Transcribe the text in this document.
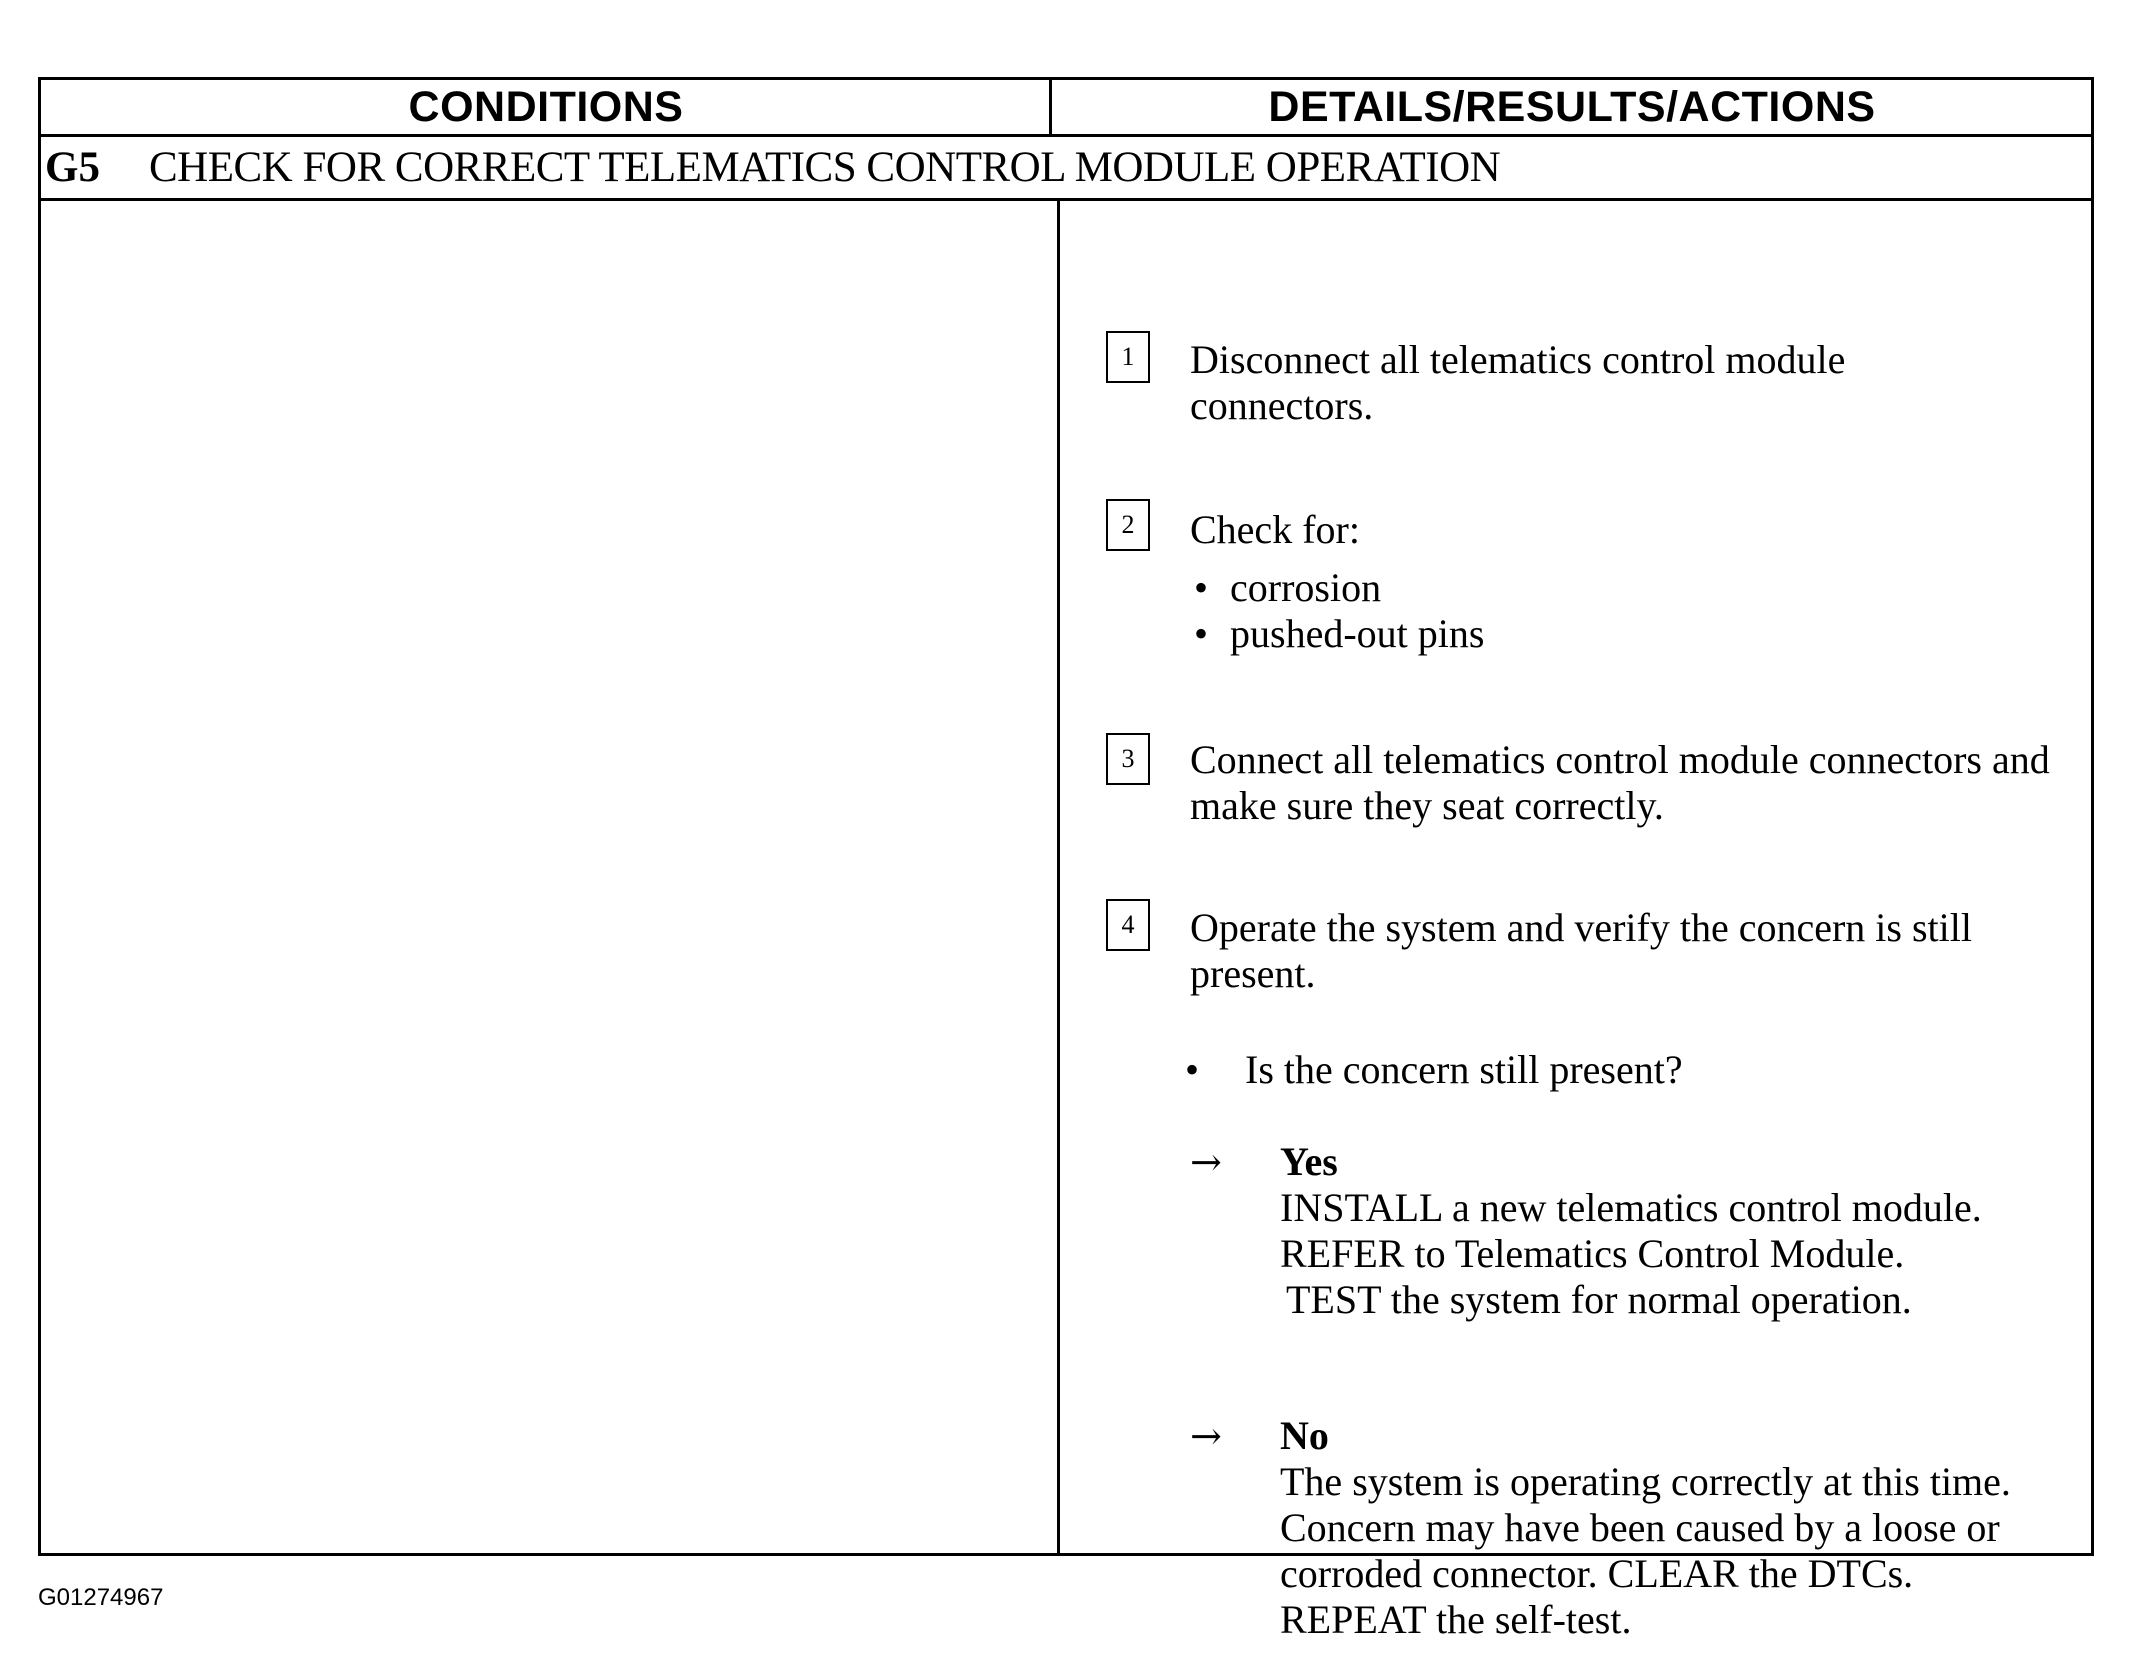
CONDITIONS	DETAILS/RESULTS/ACTIONS
G5	CHECK FOR CORRECT TELEMATICS CONTROL MODULE OPERATION
1	Disconnect all telematics control module connectors.
2	Check for:
• corrosion
• pushed-out pins
3	Connect all telematics control module connectors and make sure they seat correctly.
4	Operate the system and verify the concern is still present.
• Is the concern still present?
→ Yes
INSTALL a new telematics control module.
REFER to Telematics Control Module.
TEST the system for normal operation.
→ No
The system is operating correctly at this time.
Concern may have been caused by a loose or
corroded connector. CLEAR the DTCs.
REPEAT the self-test.
G01274967
